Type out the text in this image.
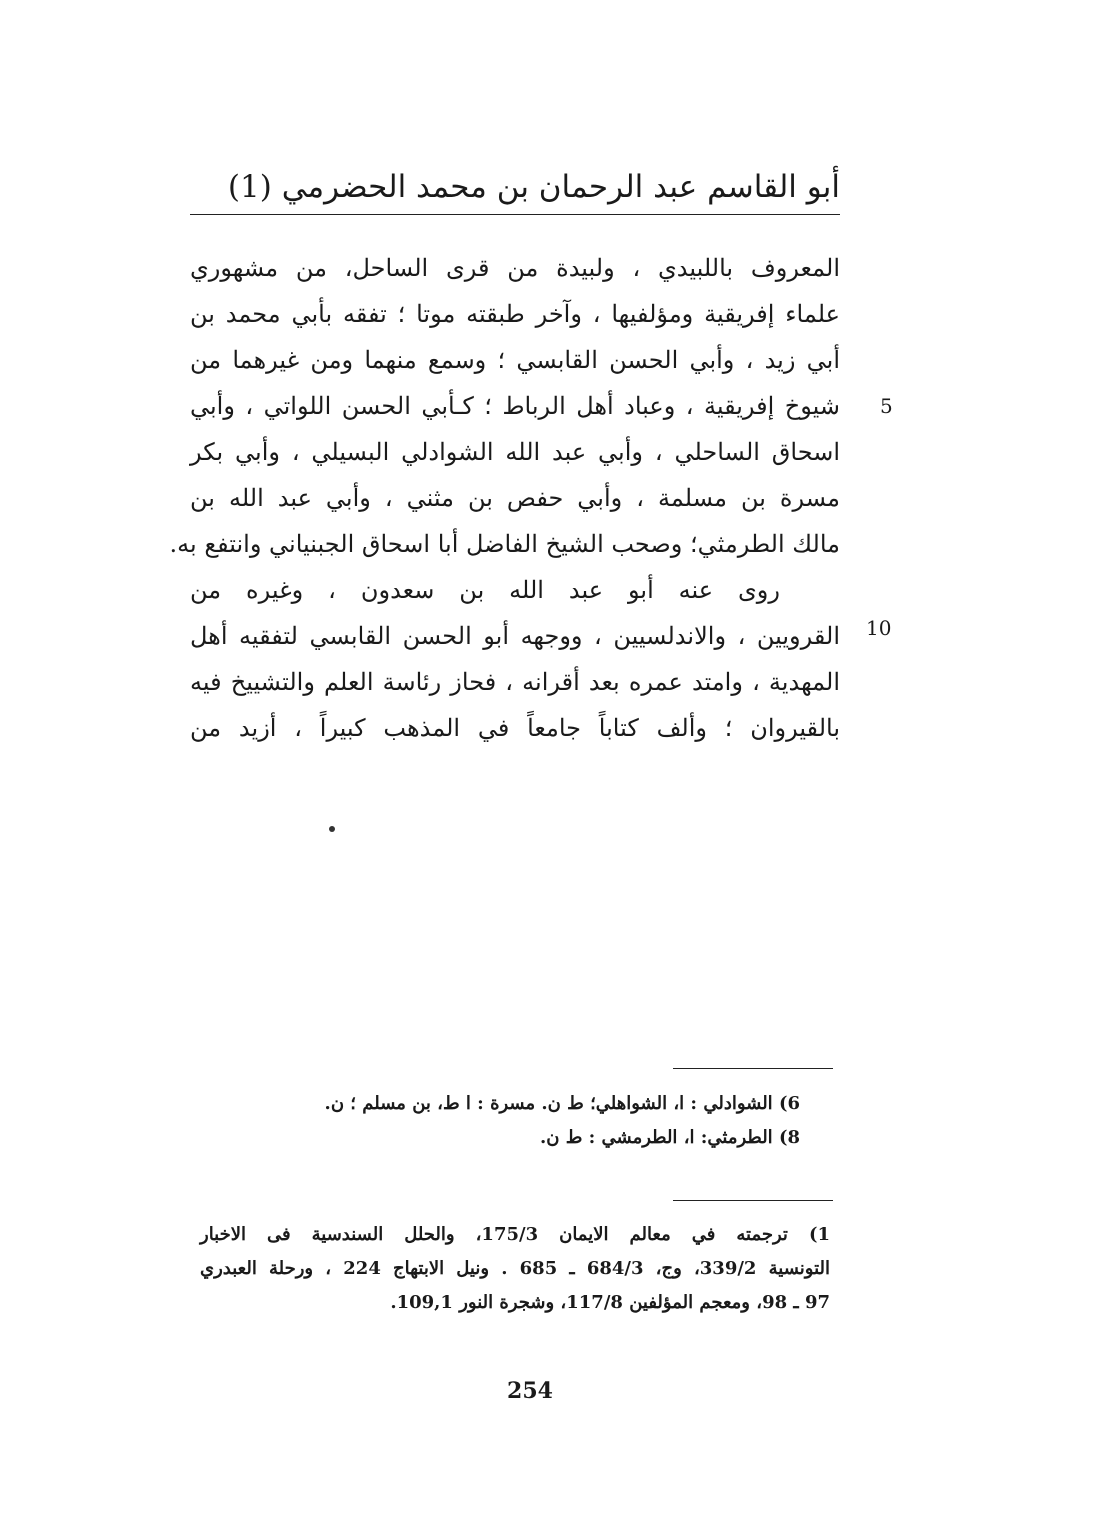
أبو القاسم عبد الرحمان بن محمد الحضرمي (1)
المعروف باللبيدي ، ولبيدة من قرى الساحل، من مشهوري
علماء إفريقية ومؤلفيها ، وآخر طبقته موتا ؛ تفقه بأبي محمد بن
أبي زيد ، وأبي الحسن القابسي ؛ وسمع منهما ومن غيرهما من
شيوخ إفريقية ، وعباد أهل الرباط ؛ كـأبي الحسن اللواتي ، وأبي
اسحاق الساحلي ، وأبي عبد الله الشوادلي البسيلي ، وأبي بكر
مسرة بن مسلمة ، وأبي حفص بن مثني ، وأبي عبد الله بن
مالك الطرمثي؛ وصحب الشيخ الفاضل أبا اسحاق الجبنياني وانتفع به.
روى عنه أبو عبد الله بن سعدون ، وغيره من
القرويين ، والاندلسيين ، ووجهه أبو الحسن القابسي لتفقيه أهل
المهدية ، وامتد عمره بعد أقرانه ، فحاز رئاسة العلم والتشييخ فيه
بالقيروان ؛ وألف كتاباً جامعاً في المذهب كبيراً ، أزيد من
5
10
6) الشوادلي : ا، الشواهلي؛ ط ن. مسرة : ا ط، بن مسلم ؛ ن.
8) الطرمثي: ا، الطرمشي : ط ن.
1) ترجمته في معالم الايمان 175/3، والحلل السندسية فى الاخبار
التونسية 339/2، وج، 684/3 ـ 685 . ونيل الابتهاج 224 ، ورحلة العبدري
97 ـ 98، ومعجم المؤلفين 117/8، وشجرة النور 109,1.
254
